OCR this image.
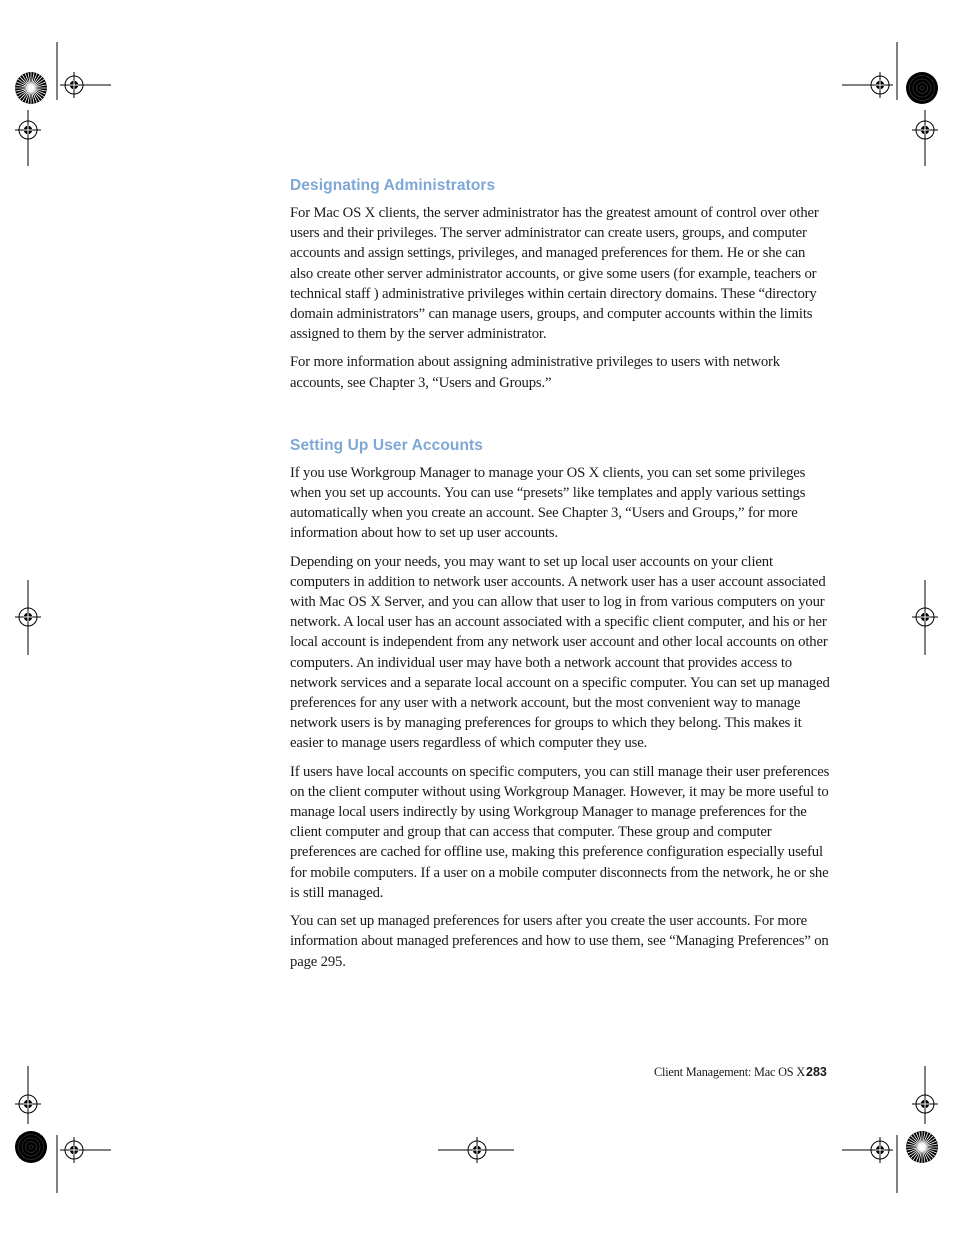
Designating Administrators

For Mac OS X clients, the server administrator has the greatest amount of control over other users and their privileges. The server administrator can create users, groups, and computer accounts and assign settings, privileges, and managed preferences for them. He or she can also create other server administrator accounts, or give some users (for example, teachers or technical staff ) administrative privileges within certain directory domains. These “directory domain administrators” can manage users, groups, and computer accounts within the limits assigned to them by the server administrator.

For more information about assigning administrative privileges to users with network accounts, see Chapter 3, “Users and Groups.”

Setting Up User Accounts

If you use Workgroup Manager to manage your OS X clients, you can set some privileges when you set up accounts. You can use “presets” like templates and apply various settings automatically when you create an account. See Chapter 3, “Users and Groups,” for more information about how to set up user accounts.

Depending on your needs, you may want to set up local user accounts on your client computers in addition to network user accounts. A network user has a user account associated with Mac OS X Server, and you can allow that user to log in from various computers on your network. A local user has an account associated with a specific client computer, and his or her local account is independent from any network user account and other local accounts on other computers. An individual user may have both a network account that provides access to network services and a separate local account on a specific computer. You can set up managed preferences for any user with a network account, but the most convenient way to manage network users is by managing preferences for groups to which they belong. This makes it easier to manage users regardless of which computer they use.

If users have local accounts on specific computers, you can still manage their user preferences on the client computer without using Workgroup Manager. However, it may be more useful to manage local users indirectly by using Workgroup Manager to manage preferences for the client computer and group that can access that computer. These group and computer preferences are cached for offline use, making this preference configuration especially useful for mobile computers. If a user on a mobile computer disconnects from the network, he or she is still managed.

You can set up managed preferences for users after you create the user accounts. For more information about managed preferences and how to use them, see “Managing Preferences” on page 295.

Client Management: Mac OS X 283
